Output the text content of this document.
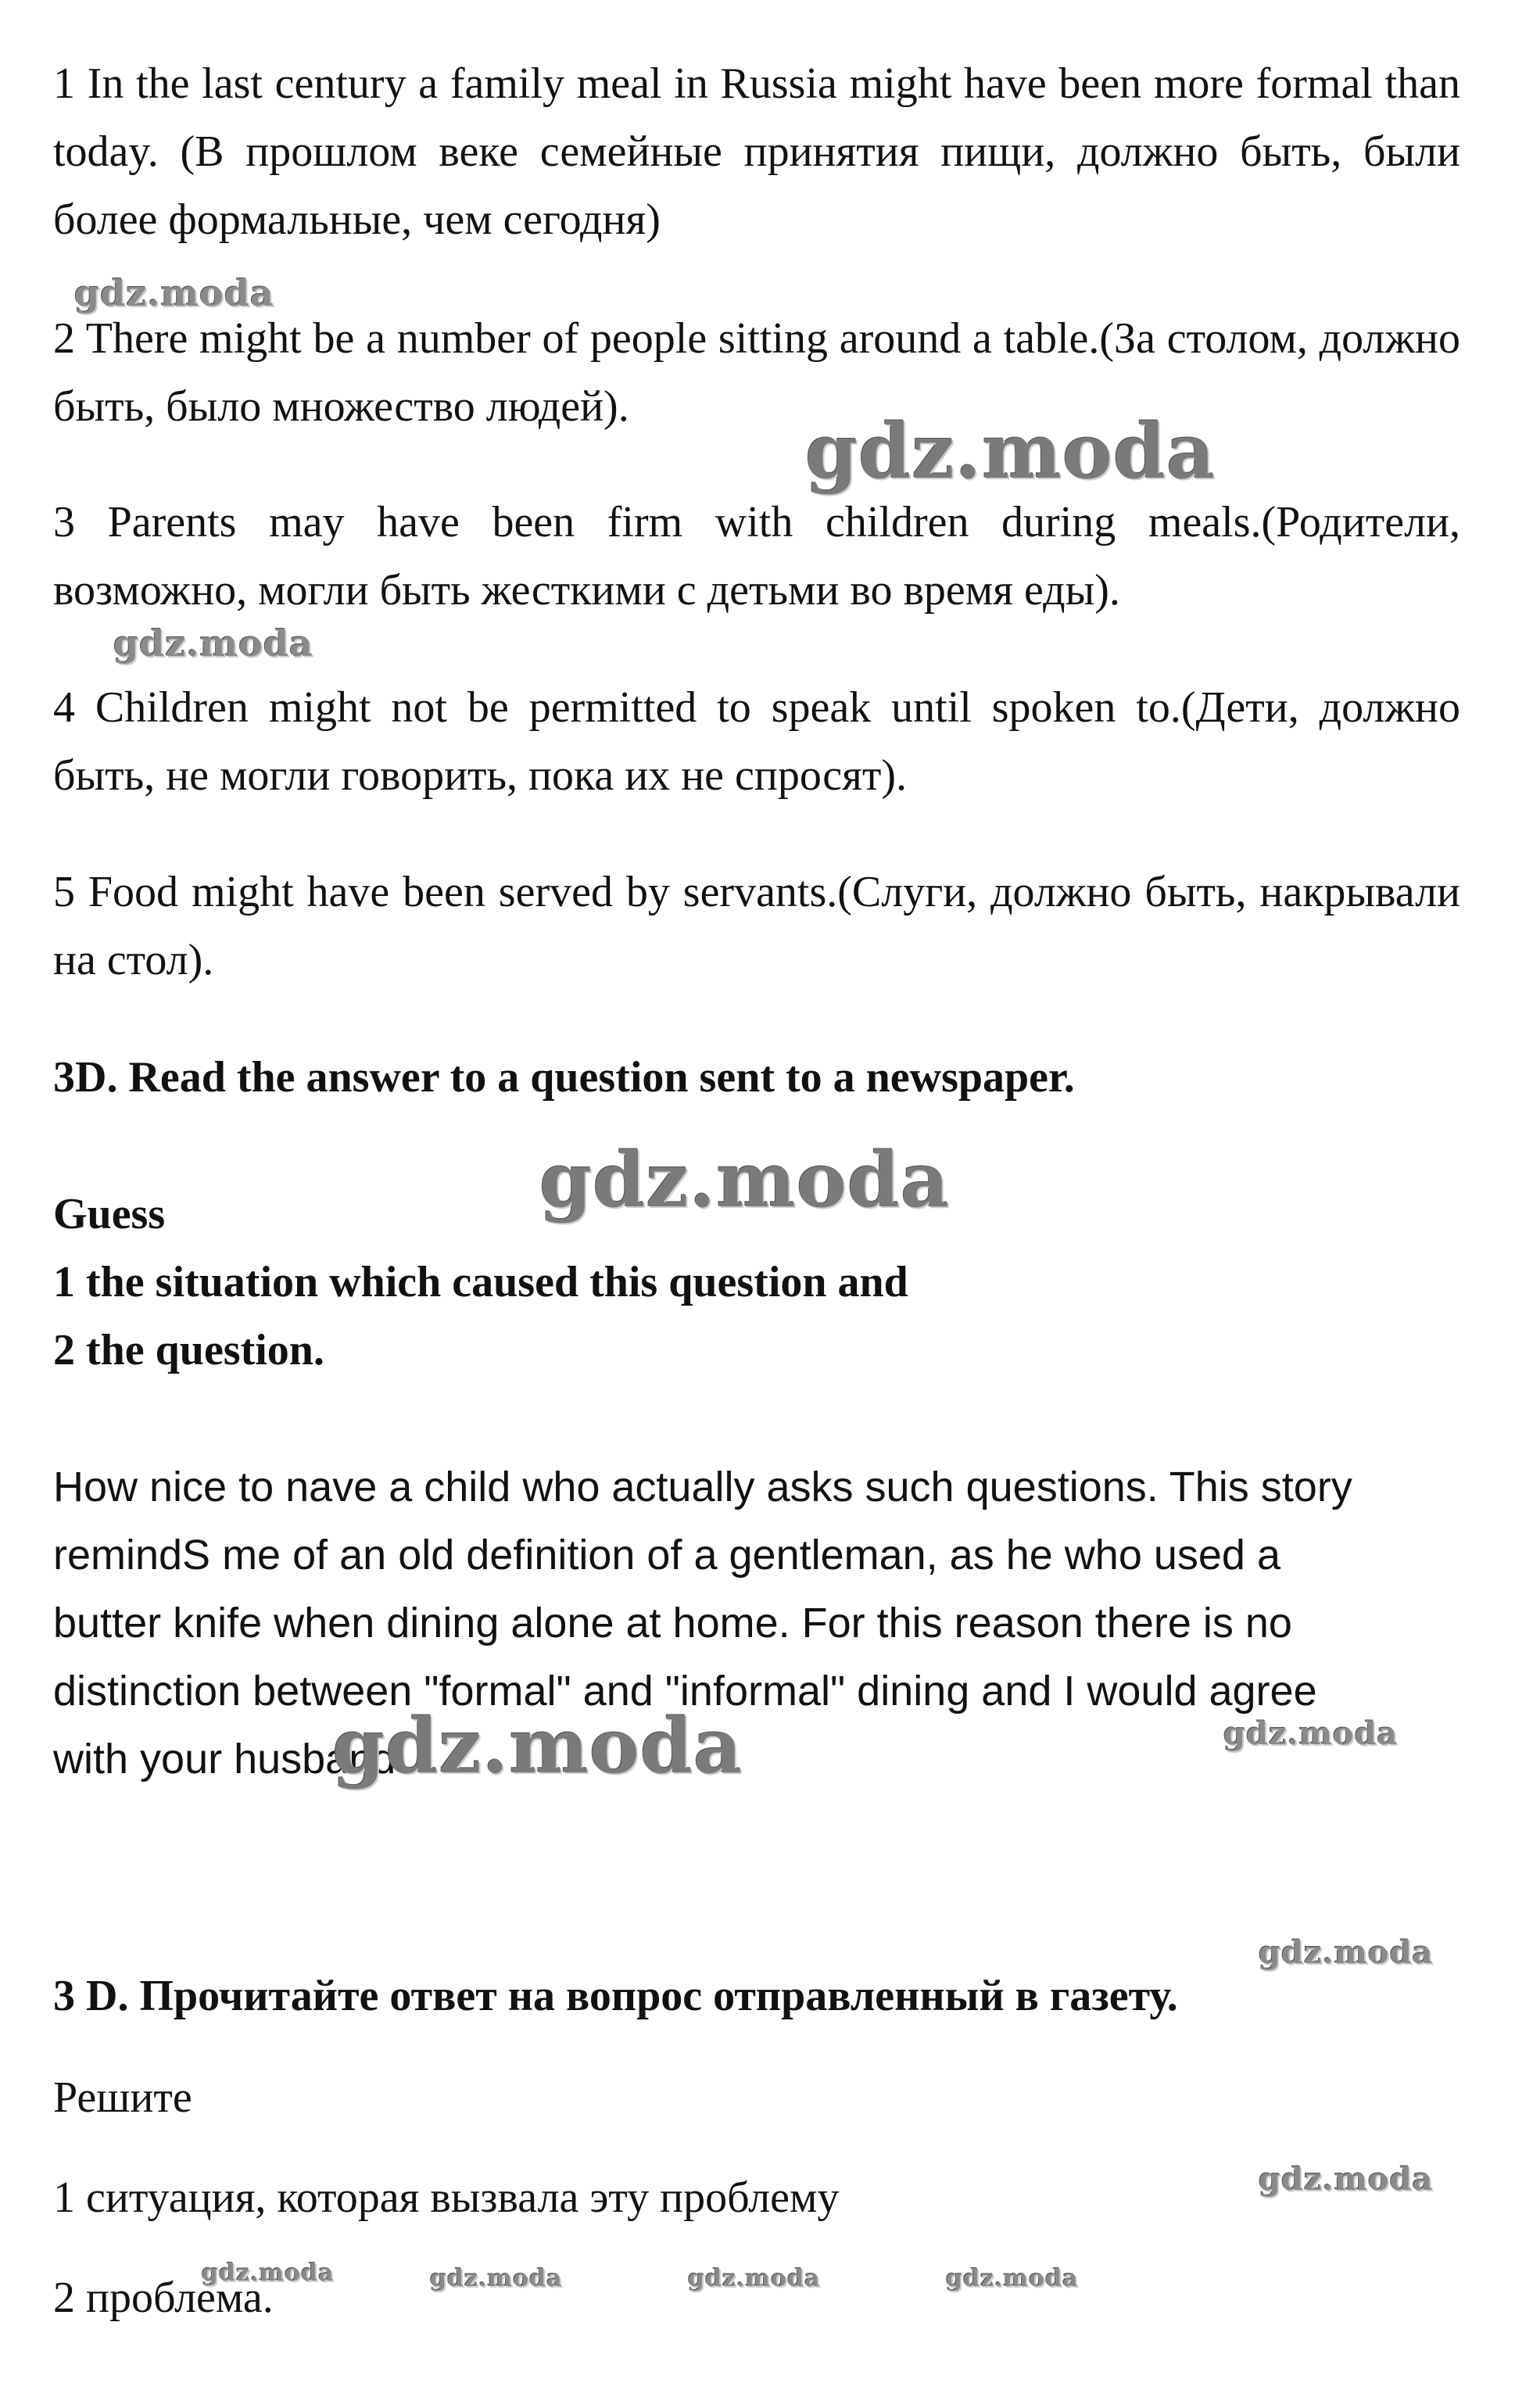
1 In the last century a family meal in Russia might have been more formal than today. (В прошлом веке семейные принятия пищи, должно быть, были более формальные, чем сегодня)
2 There might be a number of people sitting around a table.(За столом, должно быть, было множество людей).
3 Parents may have been firm with children during meals.(Родители, возможно, могли быть жесткими с детьми во время еды).
4 Children might not be permitted to speak until spoken to.(Дети, должно быть, не могли говорить, пока их не спросят).
5 Food might have been served by servants.(Слуги, должно быть, накрывали на стол).
3D. Read the answer to a question sent to a newspaper.
Guess
1 the situation which caused this question and
2 the question.
How nice to nave a child who actually asks such questions. This story remindS me of an old definition of a gentleman, as he who used a butter knife when dining alone at home. For this reason there is no distinction between "formal" and "informal" dining and I would agree with your husband.
3 D. Прочитайте ответ на вопрос отправленный в газету.
Решите
1 ситуация, которая вызвала эту проблему
2 проблема.
gdz.moda
gdz.moda
gdz.moda
gdz.moda
gdz.moda	gdz.moda
gdz.moda
gdz.moda
gdz.moda	gdz.moda	gdz.moda	gdz.moda
